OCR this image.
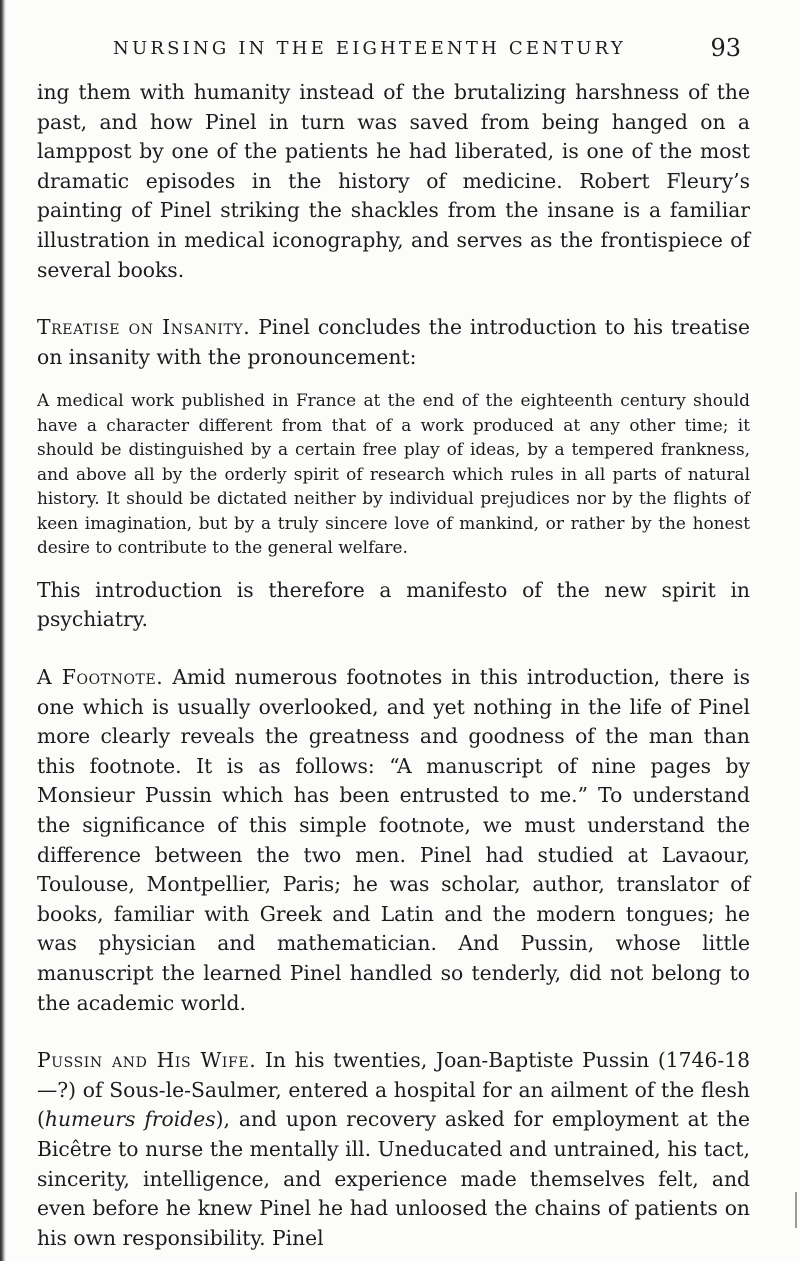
NURSING IN THE EIGHTEENTH CENTURY	93

ing them with humanity instead of the brutalizing harshness of the past, and how Pinel in turn was saved from being hanged on a lamppost by one of the patients he had liberated, is one of the most dramatic episodes in the history of medicine. Robert Fleury’s painting of Pinel striking the shackles from the insane is a familiar illustration in medical iconography, and serves as the frontispiece of several books.

Treatise on Insanity. Pinel concludes the introduction to his treatise on insanity with the pronouncement:

A medical work published in France at the end of the eighteenth century should have a character different from that of a work produced at any other time; it should be distinguished by a certain free play of ideas, by a tempered frankness, and above all by the orderly spirit of research which rules in all parts of natural history. It should be dictated neither by individual prejudices nor by the flights of keen imagination, but by a truly sincere love of mankind, or rather by the honest desire to contribute to the general welfare.

This introduction is therefore a manifesto of the new spirit in psychiatry.

A Footnote. Amid numerous footnotes in this introduction, there is one which is usually overlooked, and yet nothing in the life of Pinel more clearly reveals the greatness and goodness of the man than this footnote. It is as follows: “A manuscript of nine pages by Monsieur Pussin which has been entrusted to me.” To understand the significance of this simple footnote, we must understand the difference between the two men. Pinel had studied at Lavaour, Toulouse, Montpellier, Paris; he was scholar, author, translator of books, familiar with Greek and Latin and the modern tongues; he was physician and mathematician. And Pussin, whose little manuscript the learned Pinel handled so tenderly, did not belong to the academic world.

Pussin and His Wife. In his twenties, Joan-Baptiste Pussin (1746-18—?) of Sous-le-Saulmer, entered a hospital for an ailment of the flesh (humeurs froides), and upon recovery asked for employment at the Bicêtre to nurse the mentally ill. Uneducated and untrained, his tact, sincerity, intelligence, and experience made themselves felt, and even before he knew Pinel he had unloosed the chains of patients on his own responsibility. Pinel
